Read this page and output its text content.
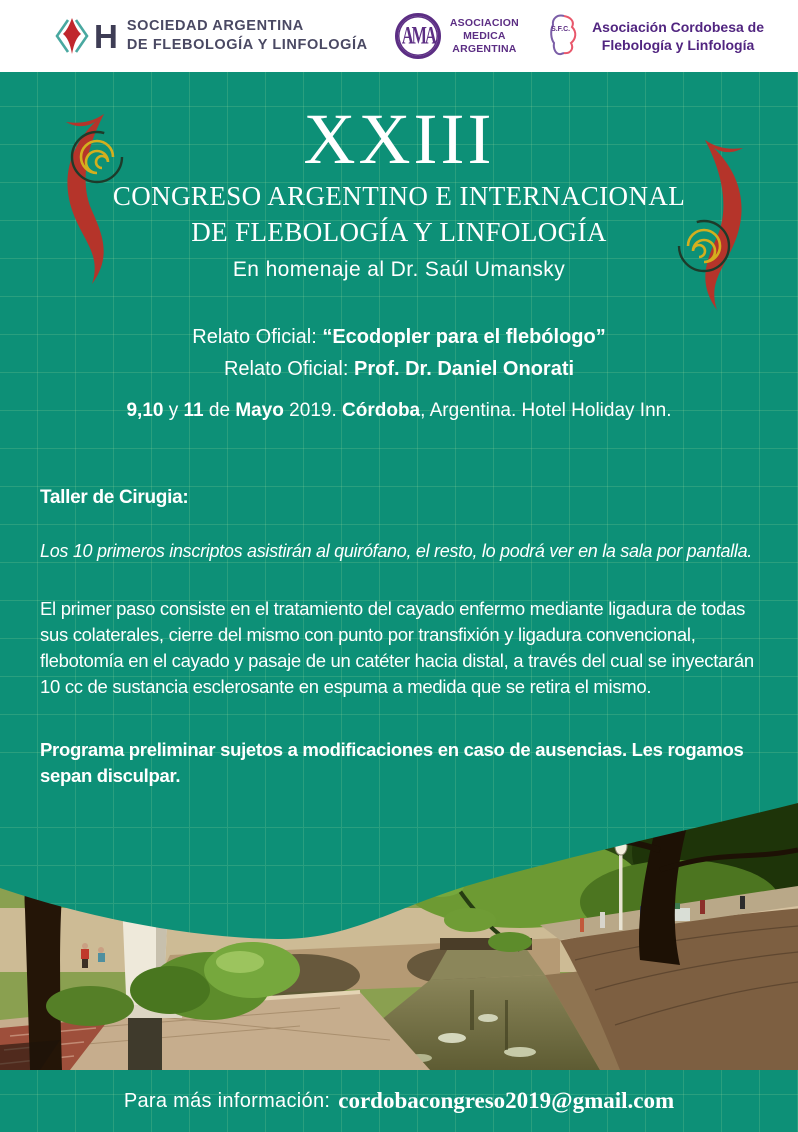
H SOCIEDAD ARGENTINA
DE FLEBOLOGÍA Y LINFOLOGÍA AMA ASOCIACION
MEDICA
ARGENTINA
S.F.C. Asociación Cordobesa de
Flebología y Linfología
XXIII
CONGRESO ARGENTINO E INTERNACIONAL
DE FLEBOLOGÍA Y LINFOLOGÍA
En homenaje al Dr. Saúl Umansky
Relato Oficial: “Ecodopler para el flebólogo”
Relato Oficial: Prof. Dr. Daniel Onorati
9,10 y 11 de Mayo 2019. Córdoba, Argentina. Hotel Holiday Inn.
Taller de Cirugia:
Los 10 primeros inscriptos asistirán al quirófano, el resto, lo podrá ver en la sala por pantalla.
El primer paso consiste en el tratamiento del cayado enfermo mediante ligadura de todas sus colaterales, cierre del mismo con punto por transfixión y ligadura convencional, flebotomía en el cayado y pasaje de un catéter hacia distal, a través del cual se inyectarán 10 cc de sustancia esclerosante en espuma a medida que se retira el mismo.
Programa preliminar sujetos a modificaciones en caso de ausencias. Les rogamos sepan disculpar.
Para más información: cordobacongreso2019@gmail.com
